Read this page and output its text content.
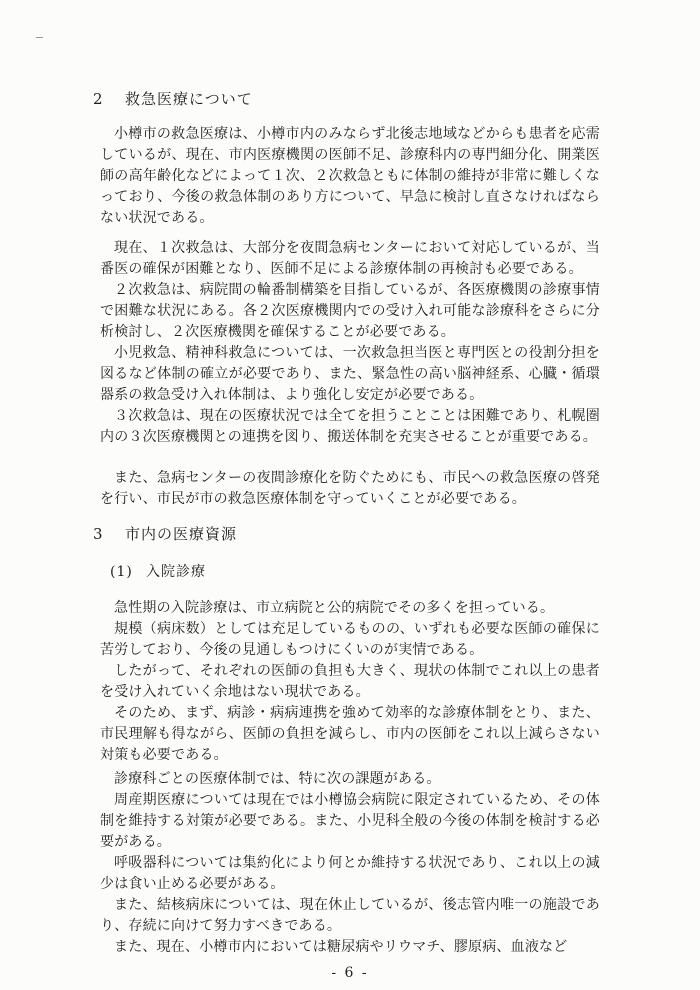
2 救急医療について

小樽市の救急医療は、小樽市内のみならず北後志地域などからも患者を応需しているが、現在、市内医療機関の医師不足、診療科内の専門細分化、開業医師の高年齢化などによって１次、２次救急ともに体制の維持が非常に難しくなっており、今後の救急体制のあり方について、早急に検討し直さなければならない状況である。

現在、１次救急は、大部分を夜間急病センターにおいて対応しているが、当番医の確保が困難となり、医師不足による診療体制の再検討も必要である。

２次救急は、病院間の輪番制構築を目指しているが、各医療機関の診療事情で困難な状況にある。各２次医療機関内での受け入れ可能な診療科をさらに分析検討し、２次医療機関を確保することが必要である。

小児救急、精神科救急については、一次救急担当医と専門医との役割分担を図るなど体制の確立が必要であり、また、緊急性の高い脳神経系、心臓・循環器系の救急受け入れ体制は、より強化し安定が必要である。

３次救急は、現在の医療状況では全てを担うことことは困難であり、札幌圏内の３次医療機関との連携を図り、搬送体制を充実させることが重要である。

また、急病センターの夜間診療化を防ぐためにも、市民への救急医療の啓発を行い、市民が市の救急医療体制を守っていくことが必要である。

3 市内の医療資源
(1) 入院診療

急性期の入院診療は、市立病院と公的病院でその多くを担っている。

規模（病床数）としては充足しているものの、いずれも必要な医師の確保に苦労しており、今後の見通しもつけにくいのが実情である。

したがって、それぞれの医師の負担も大きく、現状の体制でこれ以上の患者を受け入れていく余地はない現状である。

そのため、まず、病診・病病連携を強めて効率的な診療体制をとり、また、市民理解も得ながら、医師の負担を減らし、市内の医師をこれ以上減らさない対策も必要である。

診療科ごとの医療体制では、特に次の課題がある。

周産期医療については現在では小樽協会病院に限定されているため、その体制を維持する対策が必要である。また、小児科全般の今後の体制を検討する必要がある。

呼吸器科については集約化により何とか維持する状況であり、これ以上の減少は食い止める必要がある。

また、結核病床については、現在休止しているが、後志管内唯一の施設であり、存続に向けて努力すべきである。

また、現在、小樽市内においては糖尿病やリウマチ、膠原病、血液など

- 6 -
